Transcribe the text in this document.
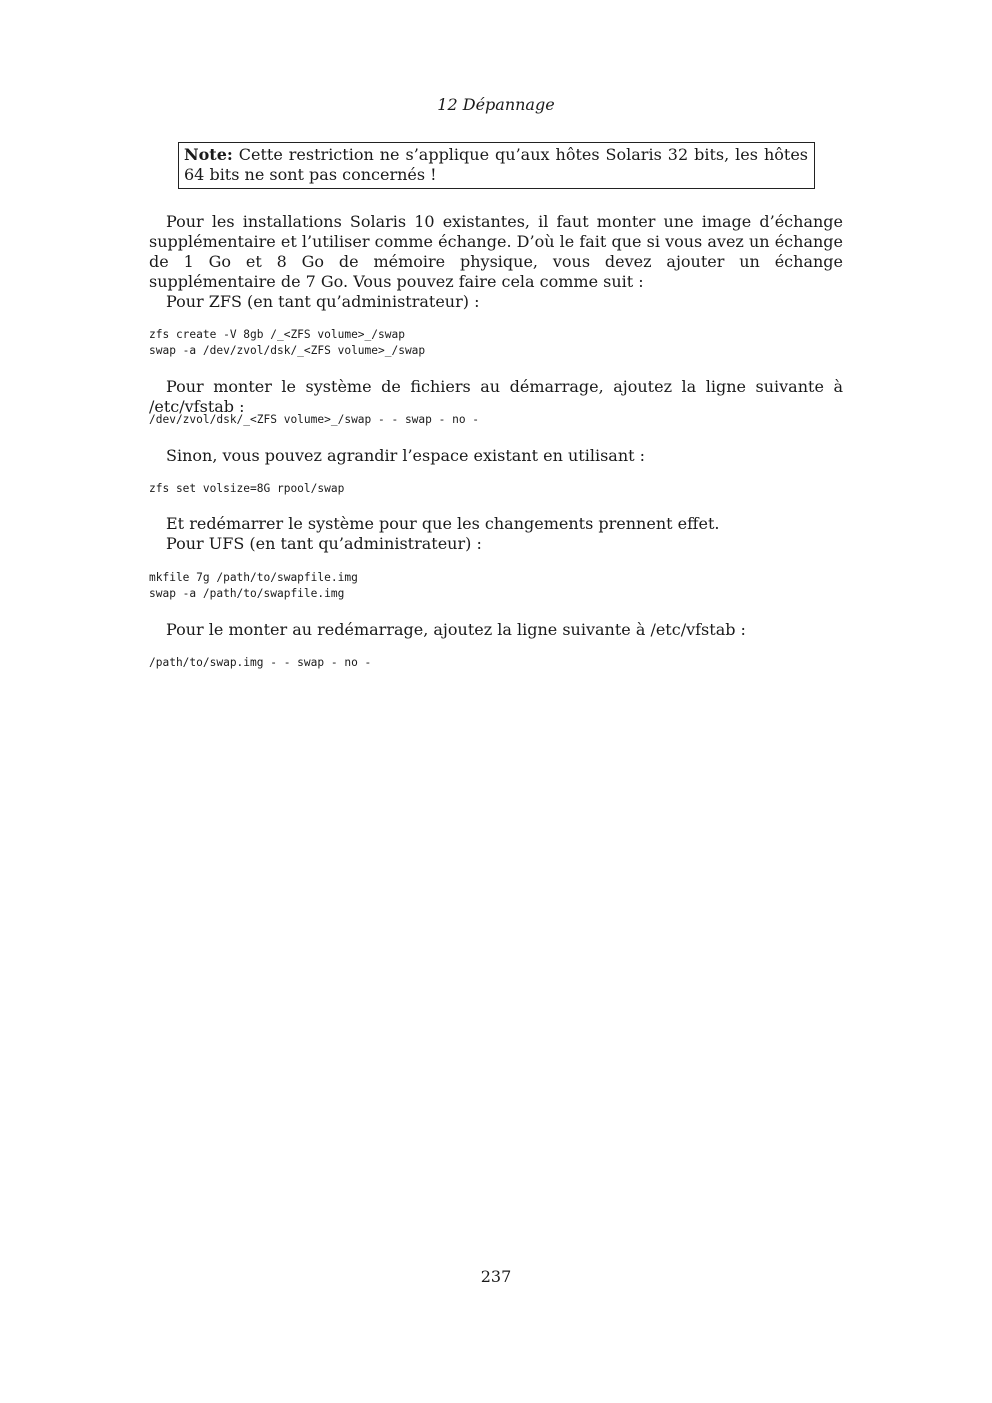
12 Dépannage
Note: Cette restriction ne s’applique qu’aux hôtes Solaris 32 bits, les hôtes 64 bits ne sont pas concernés !

Pour les installations Solaris 10 existantes, il faut monter une image d’échange supplémentaire et l’utiliser comme échange. D’où le fait que si vous avez un échange de 1 Go et 8 Go de mémoire physique, vous devez ajouter un échange supplémentaire de 7 Go. Vous pouvez faire cela comme suit :

Pour ZFS (en tant qu’administrateur) :

zfs create -V 8gb /_<ZFS volume>_/swap
swap -a /dev/zvol/dsk/_<ZFS volume>_/swap

Pour monter le système de fichiers au démarrage, ajoutez la ligne suivante à /etc/vfstab :

/dev/zvol/dsk/_<ZFS volume>_/swap - - swap - no -

Sinon, vous pouvez agrandir l’espace existant en utilisant :

zfs set volsize=8G rpool/swap

Et redémarrer le système pour que les changements prennent effet.

Pour UFS (en tant qu’administrateur) :

mkfile 7g /path/to/swapfile.img
swap -a /path/to/swapfile.img

Pour le monter au redémarrage, ajoutez la ligne suivante à /etc/vfstab :

/path/to/swap.img - - swap - no -
237
